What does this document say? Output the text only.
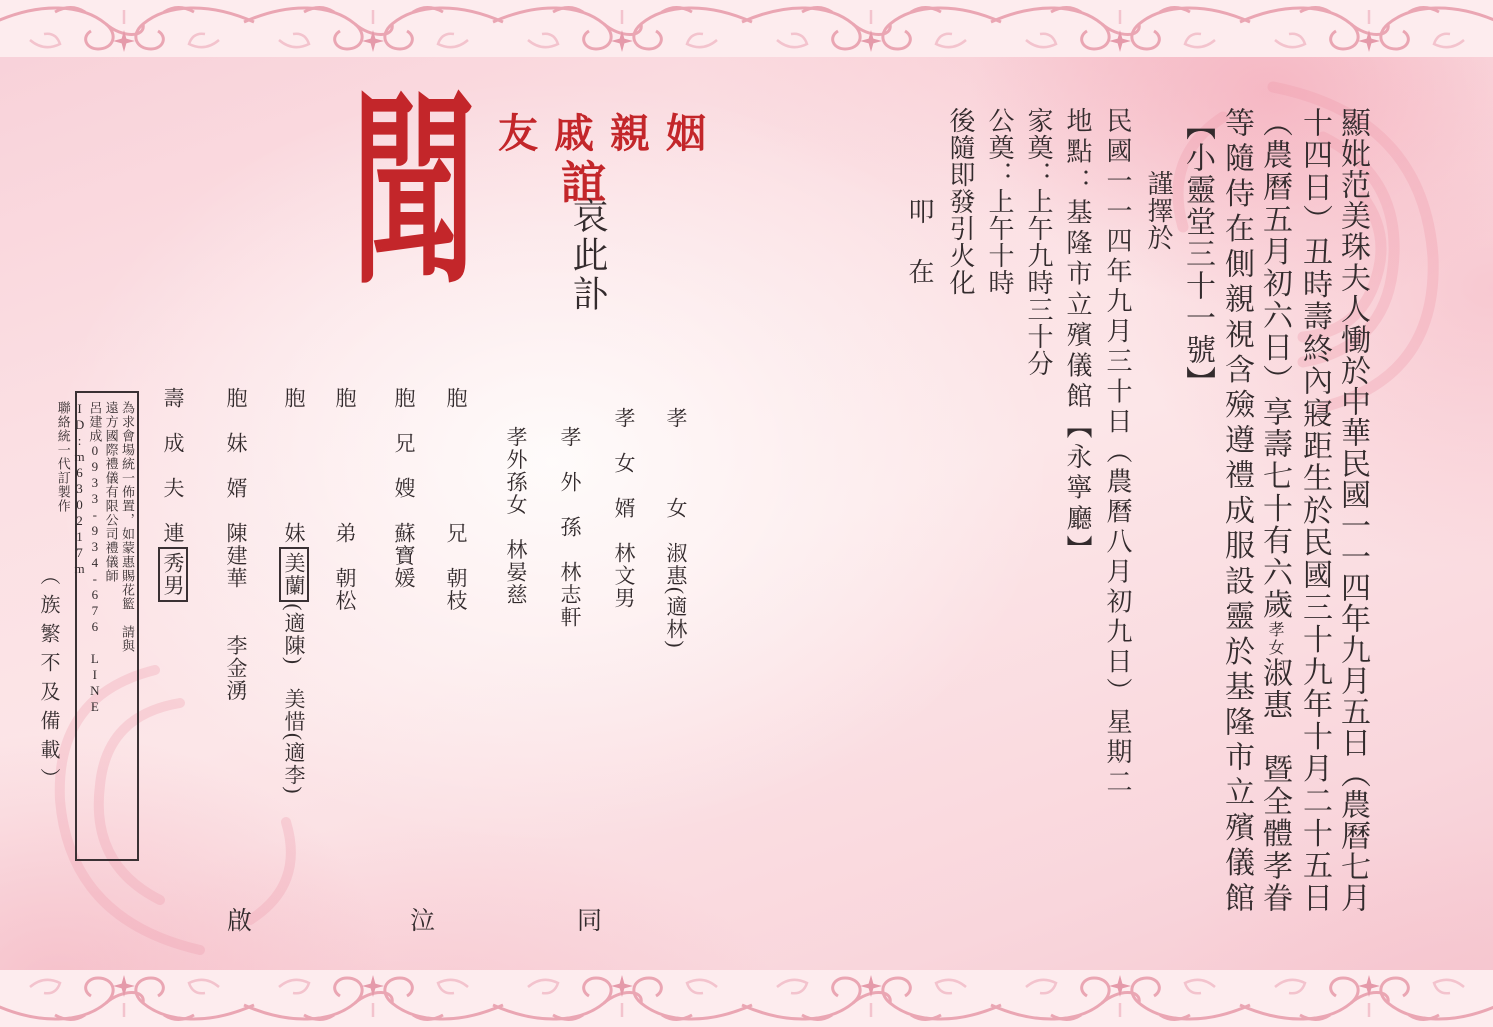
聞 友戚親姻
誼
哀此訃	顯妣范美珠夫人慟於中華民國一一四年九月五日（農曆七月
十四日）丑時壽終內寢距生於民國三十九年十月二十五日
（農曆五月初六日）享壽七十有六歲孝女淑惠　暨全體孝眷
等隨侍在側親視含殮遵禮成服設靈於基隆市立殯儀館
【小靈堂三十一號】
謹擇於
民國一一四年九月三十日（農曆八月初九日）星期二
地點：基隆市立殯儀館【永寧廳】
家奠：上午九時三十分
公奠：上午十時
後隨即發引火化
叩　在
孝　　　女　淑惠(適林)
孝　女　婿　林文男
孝　外　孫　林志軒
孝外孫女　林晏慈
胞　　　　　兄　朝枝
胞　兄　嫂　蘇寶媛
胞　　　　　弟　朝松
胞　　　　　妹美蘭(適陳)　美惜(適李)
胞　妹　婿　陳建華　　李金湧
壽　成　夫　連秀男
（族繁不及備載）
啟	泣	同
為求會場統一佈置，如蒙惠賜花籃　請與
遠方國際禮儀有限公司禮儀師
呂建成0933-934-676 LINE ID:m630217m
聯絡統一代訂製作
